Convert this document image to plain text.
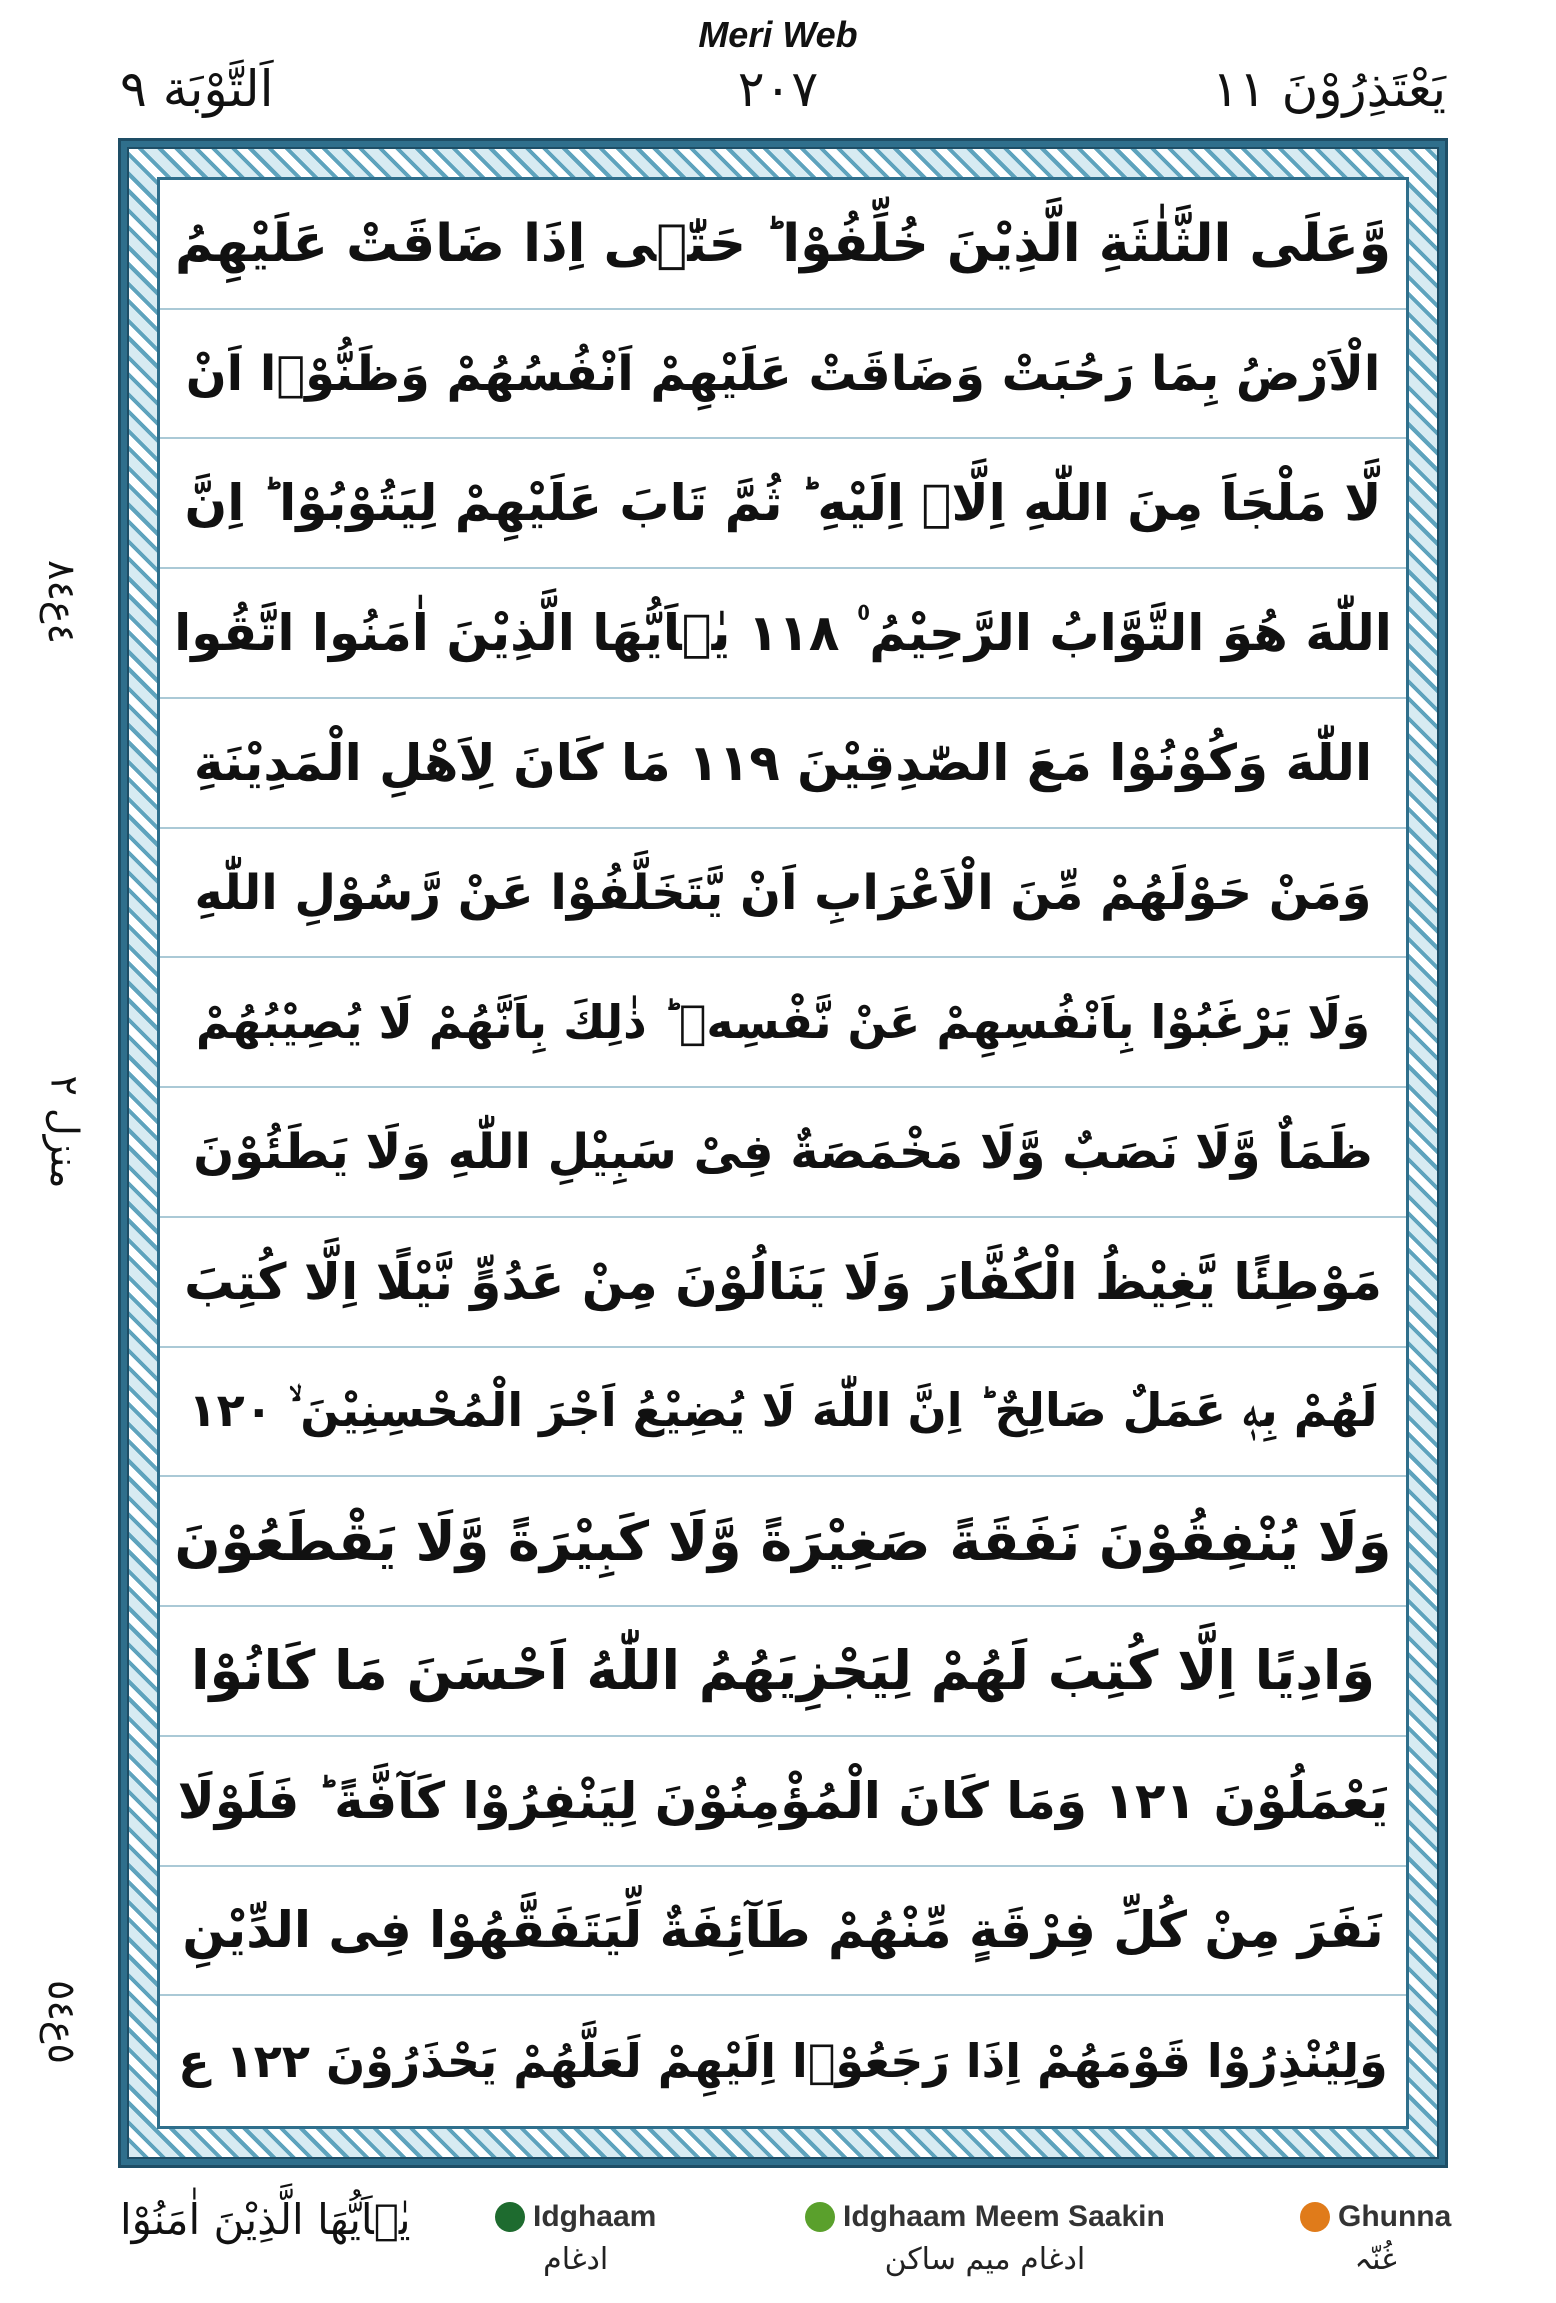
Meri Web
اَلتَّوْبَة ٩	٢٠٧	يَعْتَذِرُوْنَ ١١
٤ع٨٤
منزل ٢
٥ع٥٤
وَّعَلَى الثَّلٰثَةِ الَّذِيْنَ خُلِّفُوْا ؕ حَتّٰۤى اِذَا ضَاقَتْ عَلَيْهِمُ
الْاَرْضُ بِمَا رَحُبَتْ وَضَاقَتْ عَلَيْهِمْ اَنْفُسُهُمْ وَظَنُّوْۤا اَنْ
لَّا مَلْجَاَ مِنَ اللّٰهِ اِلَّاۤ اِلَيْهِ ؕ ثُمَّ تَابَ عَلَيْهِمْ لِيَتُوْبُوْا ؕ اِنَّ
اللّٰهَ هُوَ التَّوَّابُ الرَّحِيْمُ ۠ ١١٨ يٰۤاَيُّهَا الَّذِيْنَ اٰمَنُوا اتَّقُوا
اللّٰهَ وَكُوْنُوْا مَعَ الصّٰدِقِيْنَ ١١٩ مَا كَانَ لِاَهْلِ الْمَدِيْنَةِ
وَمَنْ حَوْلَهُمْ مِّنَ الْاَعْرَابِ اَنْ يَّتَخَلَّفُوْا عَنْ رَّسُوْلِ اللّٰهِ
وَلَا يَرْغَبُوْا بِاَنْفُسِهِمْ عَنْ نَّفْسِهٖ ؕ ذٰلِكَ بِاَنَّهُمْ لَا يُصِيْبُهُمْ
ظَمَاٌ وَّلَا نَصَبٌ وَّلَا مَخْمَصَةٌ فِىْ سَبِيْلِ اللّٰهِ وَلَا يَطَئُوْنَ
مَوْطِئًا يَّغِيْظُ الْكُفَّارَ وَلَا يَنَالُوْنَ مِنْ عَدُوٍّ نَّيْلًا اِلَّا كُتِبَ
لَهُمْ بِهٖ عَمَلٌ صَالِحٌ ؕ اِنَّ اللّٰهَ لَا يُضِيْعُ اَجْرَ الْمُحْسِنِيْنَ ۙ ١٢٠
وَلَا يُنْفِقُوْنَ نَفَقَةً صَغِيْرَةً وَّلَا كَبِيْرَةً وَّلَا يَقْطَعُوْنَ
وَادِيًا اِلَّا كُتِبَ لَهُمْ لِيَجْزِيَهُمُ اللّٰهُ اَحْسَنَ مَا كَانُوْا
يَعْمَلُوْنَ ١٢١ وَمَا كَانَ الْمُؤْمِنُوْنَ لِيَنْفِرُوْا كَآفَّةً ؕ فَلَوْلَا
نَفَرَ مِنْ كُلِّ فِرْقَةٍ مِّنْهُمْ طَآئِفَةٌ لِّيَتَفَقَّهُوْا فِى الدِّيْنِ
وَلِيُنْذِرُوْا قَوْمَهُمْ اِذَا رَجَعُوْۤا اِلَيْهِمْ لَعَلَّهُمْ يَحْذَرُوْنَ ١٢٢ ع
يٰۤاَيُّهَا الَّذِيْنَ اٰمَنُوْا	Idghaam
ادغام
Idghaam Meem Saakin
ادغام میم ساکن
Ghunna
غُنّہ
